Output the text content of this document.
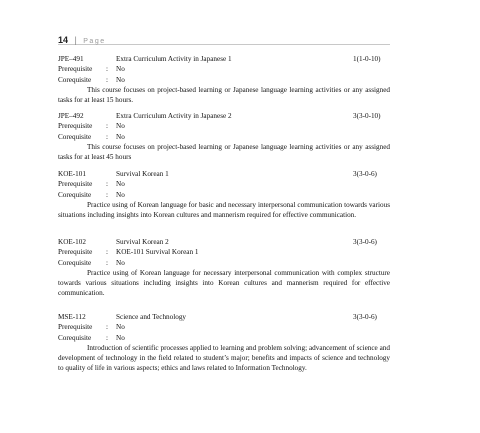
14 | Page
JPE–491	Extra Curriculum Activity in Japanese 1	1(1-0-10)
Prerequisite : No
Corequisite : No

This course focuses on project-based learning or Japanese language learning activities or any assigned tasks for at least 15 hours.

JPE–492	Extra Curriculum Activity in Japanese 2	3(3-0-10)
Prerequisite : No
Corequisite : No

This course focuses on project-based learning or Japanese language learning activities or any assigned tasks for at least 45 hours

KOE-101	Survival Korean 1	3(3-0-6)
Prerequisite : No
Corequisite : No

Practice using of Korean language for basic and necessary interpersonal communication towards various situations including insights into Korean cultures and mannerism required for effective communication.

KOE-102	Survival Korean 2	3(3-0-6)
Prerequisite : KOE-101 Survival Korean 1
Corequisite : No

Practice using of Korean language for necessary interpersonal communication with complex structure towards various situations including insights into Korean cultures and mannerism required for effective communication.

MSE-112	Science and Technology	3(3-0-6)
Prerequisite : No
Corequisite : No

Introduction of scientific processes applied to learning and problem solving; advancement of science and development of technology in the field related to student’s major; benefits and impacts of science and technology to quality of life in various aspects; ethics and laws related to Information Technology.
